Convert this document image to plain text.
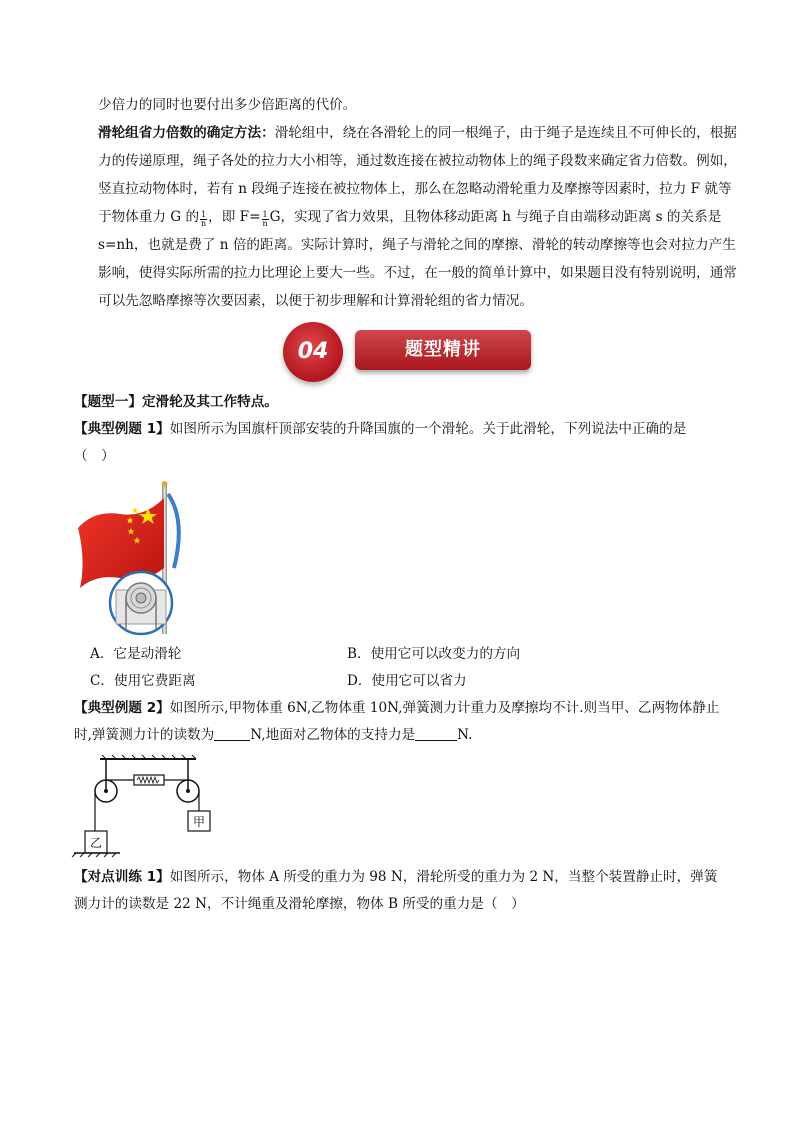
少倍力的同时也要付出多少倍距离的代价。

滑轮组省力倍数的确定方法：滑轮组中，绕在各滑轮上的同一根绳子，由于绳子是连续且不可伸长的，根据力的传递原理，绳子各处的拉力大小相等，通过数连接在被拉动物体上的绳子段数来确定省力倍数。例如，竖直拉动物体时，若有 n 段绳子连接在被拉物体上，那么在忽略动滑轮重力及摩擦等因素时，拉力 F 就等于物体重力 G 的 $\frac{1}{n}$ ，即 $F= \frac{1}{n}$ G，实现了省力效果，且物体移动距离 h 与绳子自由端移动距离 s 的关系是 s=nh，也就是费了 n 倍的距离。实际计算时，绳子与滑轮之间的摩擦、滑轮的转动摩擦等也会对拉力产生影响，使得实际所需的拉力比理论上要大一些。不过，在一般的简单计算中，如果题目没有特别说明，通常可以先忽略摩擦等次要因素，以便于初步理解和计算滑轮组的省力情况。

04	题型精讲
【题型一】定滑轮及其工作特点。
【典型例题 1】如图所示为国旗杆顶部安装的升降国旗的一个滑轮。关于此滑轮，下列说法中正确的是
（　）
A．它是动滑轮	B．使用它可以改变力的方向
C．使用它费距离	D．使用它可以省力
【典型例题 2】如图所示,甲物体重 6N,乙物体重 10N,弹簧测力计重力及摩擦均不计.则当甲、乙两物体静止
时,弹簧测力计的读数为	N,地面对乙物体的支持力是	N.
甲
乙
【对点训练 1】如图所示，物体 A 所受的重力为 98 N，滑轮所受的重力为 2 N，当整个装置静止时，弹簧
测力计的读数是 22 N，不计绳重及滑轮摩擦，物体 B 所受的重力是（　）
